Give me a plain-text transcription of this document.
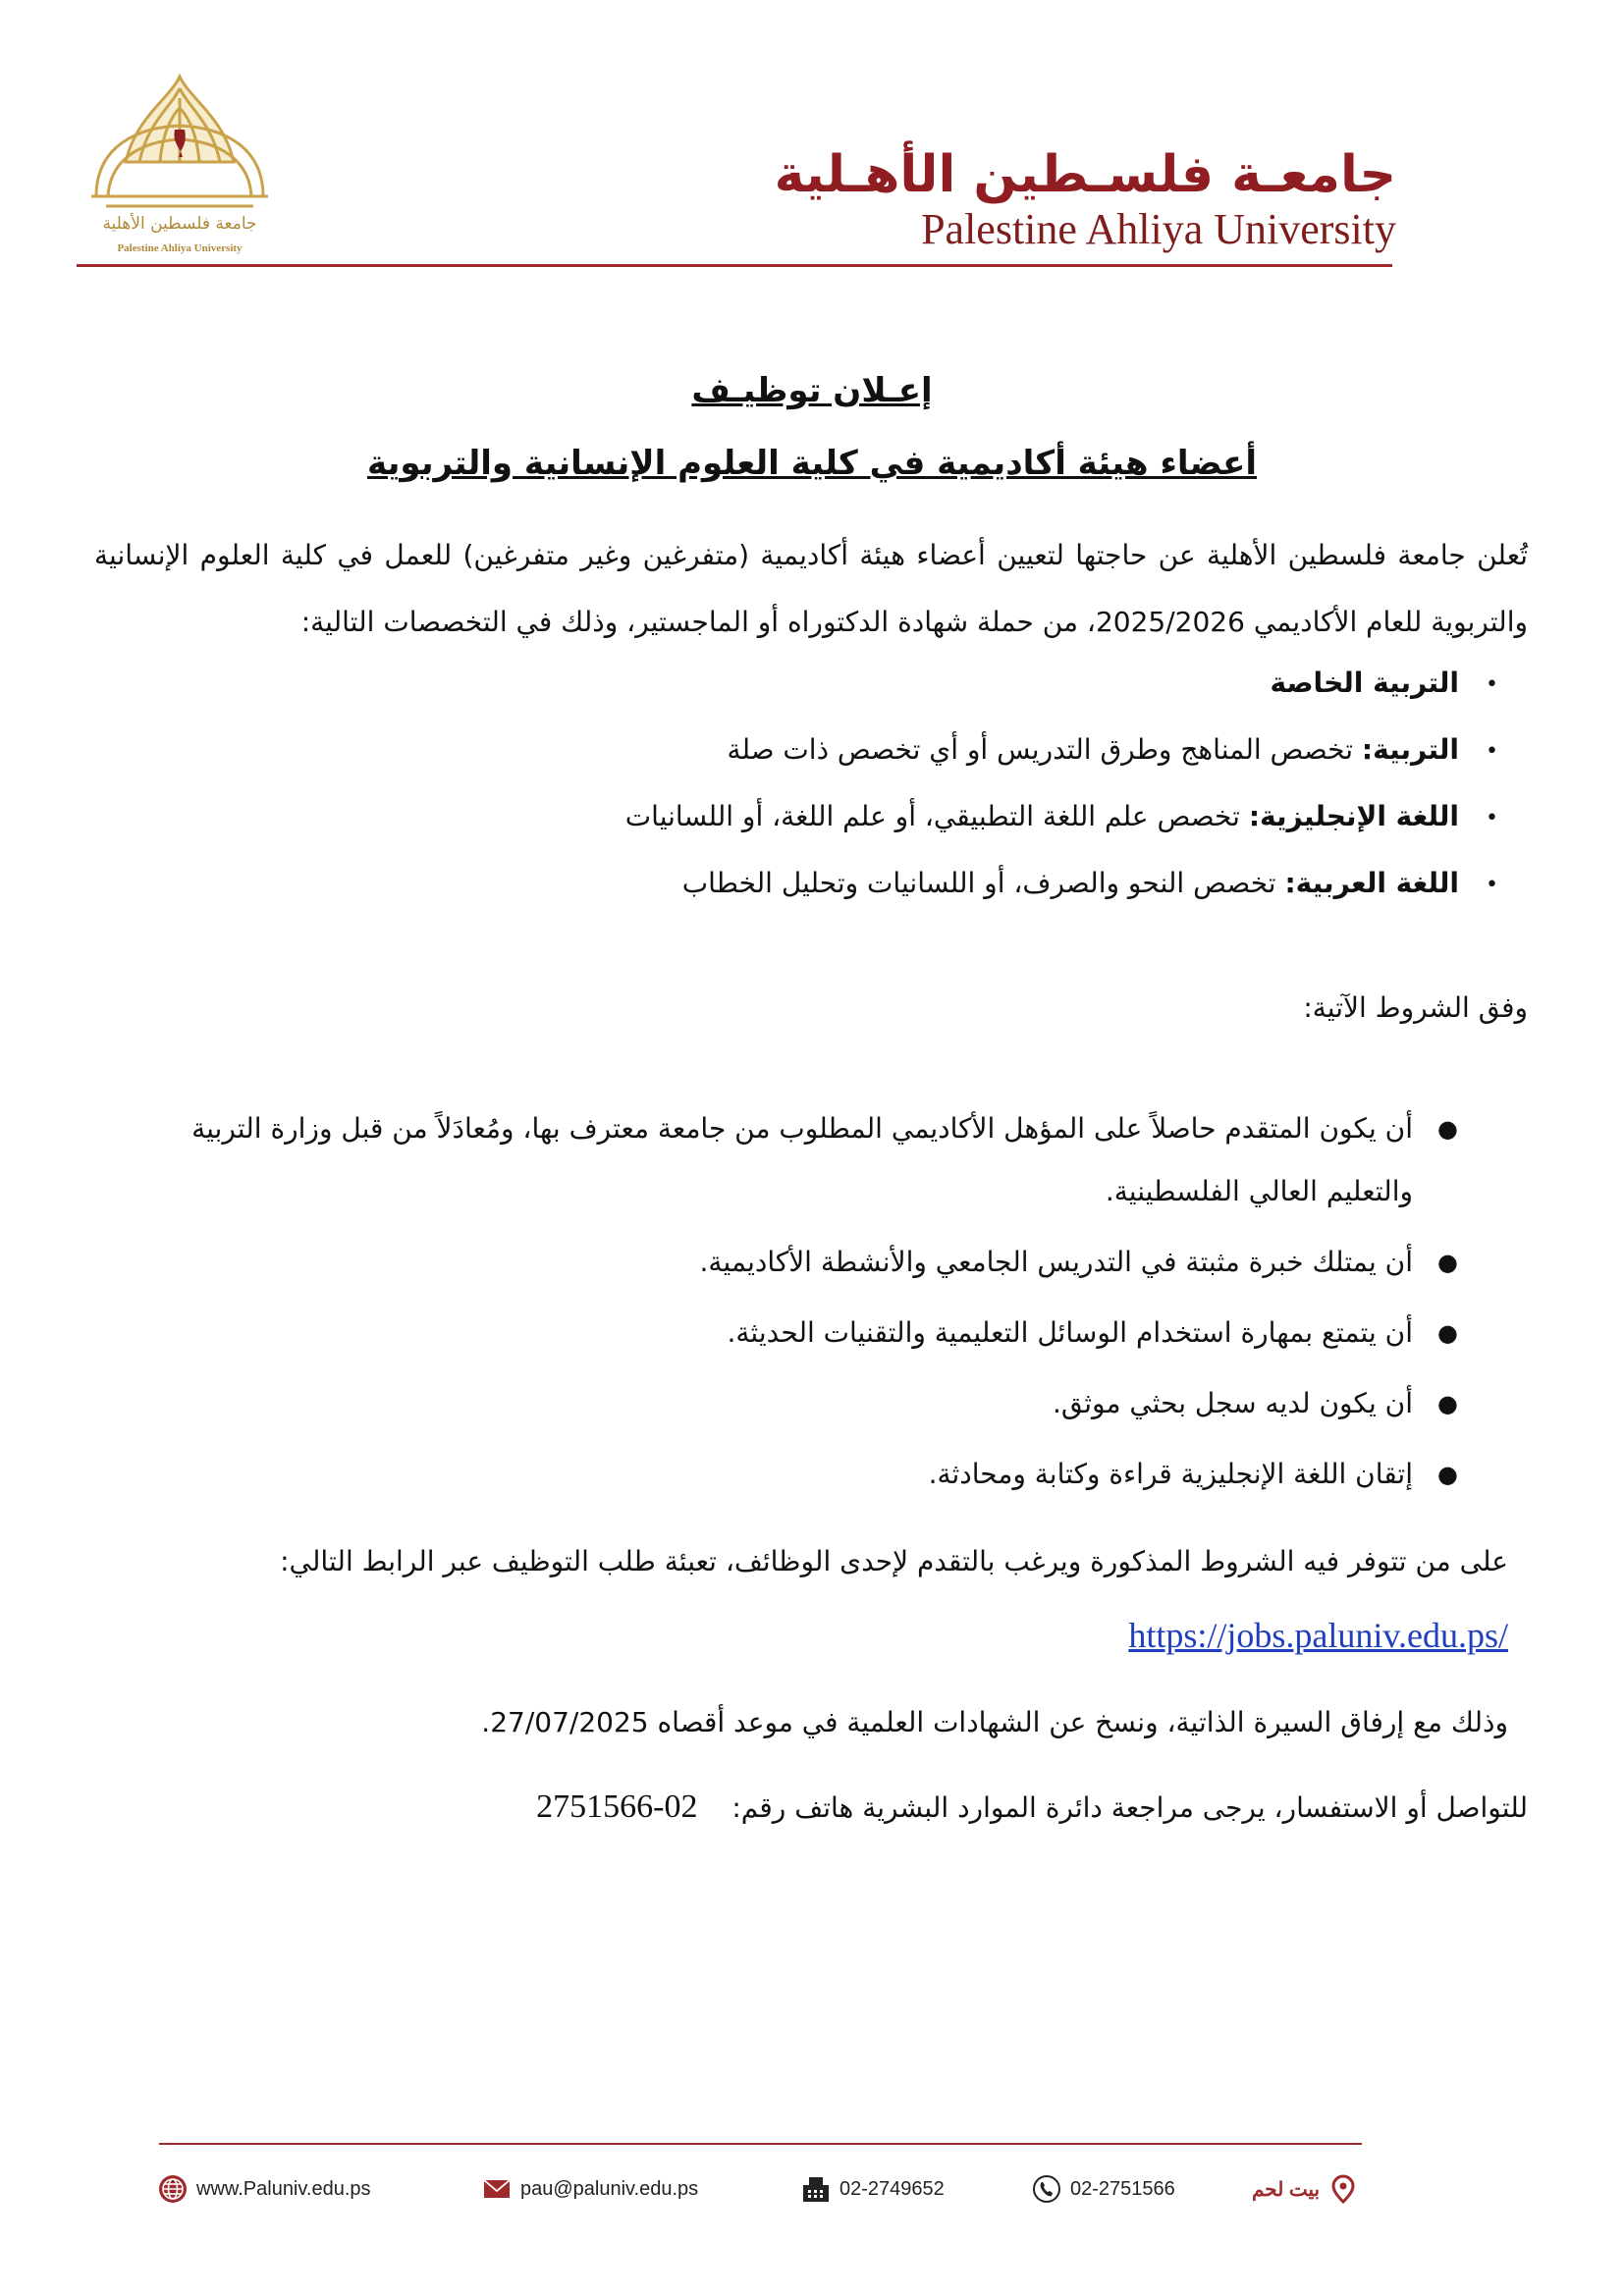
جامعة فلسطين الأهلية
Palestine Ahliya University
جامعـة فلسـطين الأهـلية
Palestine Ahliya University
إعـلان توظيـف
أعضاء هيئة أكاديمية في كلية العلوم الإنسانية والتربوية
تُعلن جامعة فلسطين الأهلية عن حاجتها لتعيين أعضاء هيئة أكاديمية (متفرغين وغير متفرغين) للعمل في كلية العلوم الإنسانية والتربوية للعام الأكاديمي 2025/2026، من حملة شهادة الدكتوراه أو الماجستير، وذلك في التخصصات التالية:
•
التربية الخاصة
•
التربية: تخصص المناهج وطرق التدريس أو أي تخصص ذات صلة
•
اللغة الإنجليزية: تخصص علم اللغة التطبيقي، أو علم اللغة، أو اللسانيات
•
اللغة العربية: تخصص النحو والصرف، أو اللسانيات وتحليل الخطاب
وفق الشروط الآتية:
●
أن يكون المتقدم حاصلاً على المؤهل الأكاديمي المطلوب من جامعة معترف بها، ومُعادَلاً من قبل وزارة التربية والتعليم العالي الفلسطينية.
●
أن يمتلك خبرة مثبتة في التدريس الجامعي والأنشطة الأكاديمية.
●
أن يتمتع بمهارة استخدام الوسائل التعليمية والتقنيات الحديثة.
●
أن يكون لديه سجل بحثي موثق.
●
إتقان اللغة الإنجليزية قراءة وكتابة ومحادثة.
على من تتوفر فيه الشروط المذكورة ويرغب بالتقدم لإحدى الوظائف، تعبئة طلب التوظيف عبر الرابط التالي:
https://jobs.paluniv.edu.ps/
وذلك مع إرفاق السيرة الذاتية، ونسخ عن الشهادات العلمية في موعد أقصاه 27/07/2025.
للتواصل أو الاستفسار، يرجى مراجعة دائرة الموارد البشرية هاتف رقم: 02-2751566
www.Paluniv.edu.ps	pau@paluniv.edu.ps	02-2749652	02-2751566	بيت لحم
